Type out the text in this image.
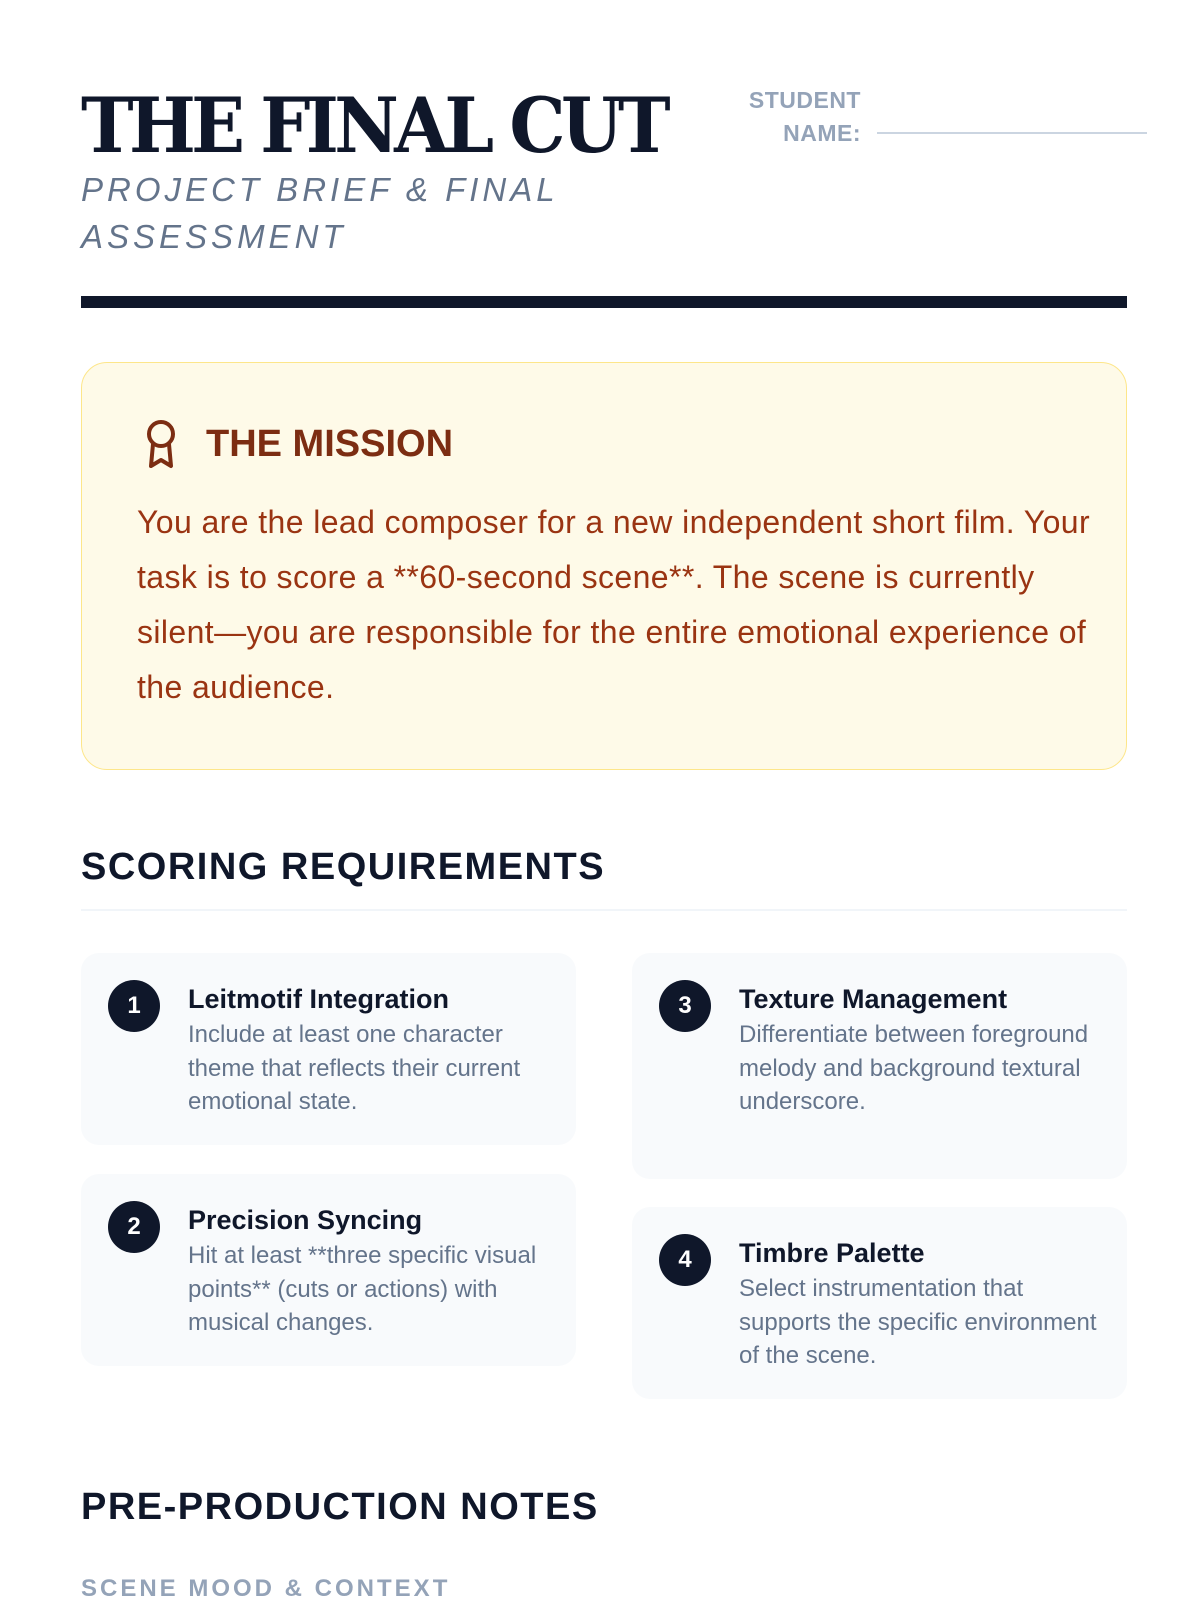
THE FINAL CUT
PROJECT BRIEF & FINAL ASSESSMENT
STUDENT NAME:
THE MISSION
You are the lead composer for a new independent short film. Your task is to score a **60-second scene**. The scene is currently silent—you are responsible for the entire emotional experience of the audience.
SCORING REQUIREMENTS
1	Leitmotif Integration
Include at least one character theme that reflects their current emotional state.
2	Precision Syncing
Hit at least **three specific visual points** (cuts or actions) with musical changes.
3	Texture Management
Differentiate between foreground melody and background textural underscore.
4	Timbre Palette
Select instrumentation that supports the specific environment of the scene.
PRE-PRODUCTION NOTES
SCENE MOOD & CONTEXT
